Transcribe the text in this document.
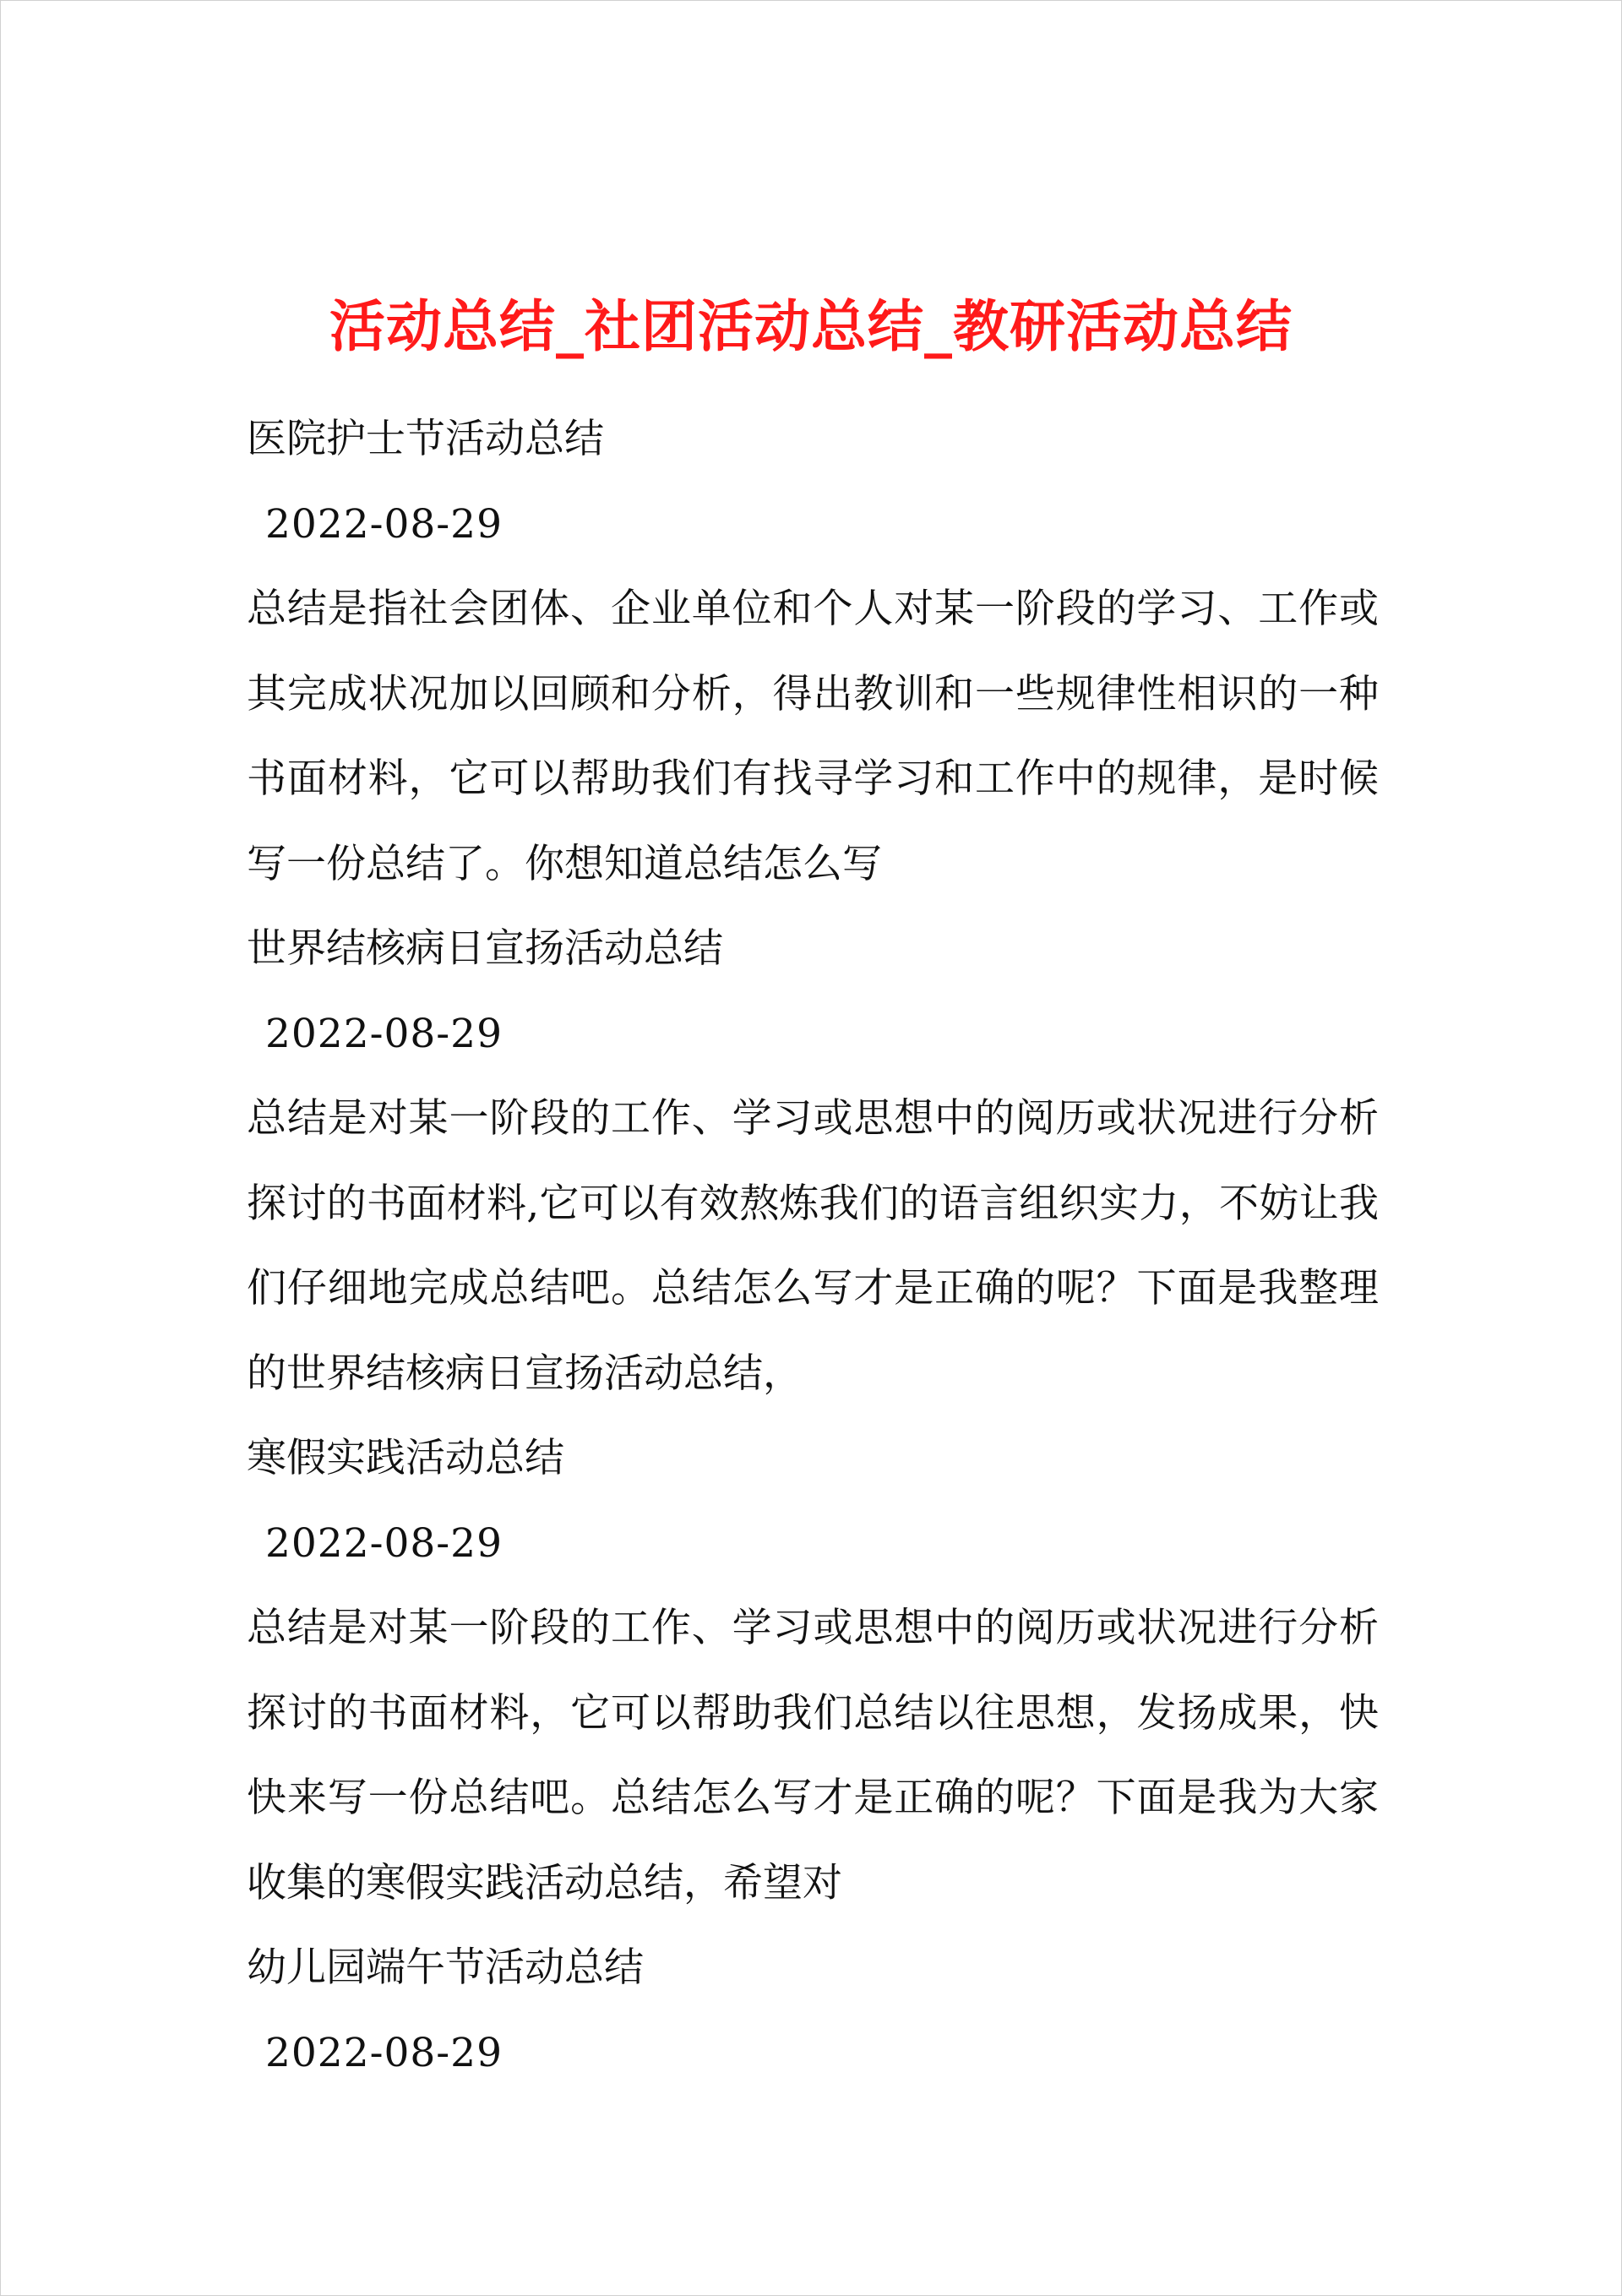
活动总结_社团活动总结_教研活动总结

医院护士节活动总结

2022-08-29

总结是指社会团体、企业单位和个人对某一阶段的学习、工作或其完成状况加以回顾和分析，得出教训和一些规律性相识的一种书面材料，它可以帮助我们有找寻学习和工作中的规律，是时候写一份总结了。你想知道总结怎么写

世界结核病日宣扬活动总结

2022-08-29

总结是对某一阶段的工作、学习或思想中的阅历或状况进行分析探讨的书面材料,它可以有效熬炼我们的语言组织实力，不妨让我们仔细地完成总结吧。总结怎么写才是正确的呢？下面是我整理的世界结核病日宣扬活动总结，

寒假实践活动总结

2022-08-29

总结是对某一阶段的工作、学习或思想中的阅历或状况进行分析探讨的书面材料，它可以帮助我们总结以往思想，发扬成果，快快来写一份总结吧。总结怎么写才是正确的呢？下面是我为大家收集的寒假实践活动总结，希望对

幼儿园端午节活动总结

2022-08-29
